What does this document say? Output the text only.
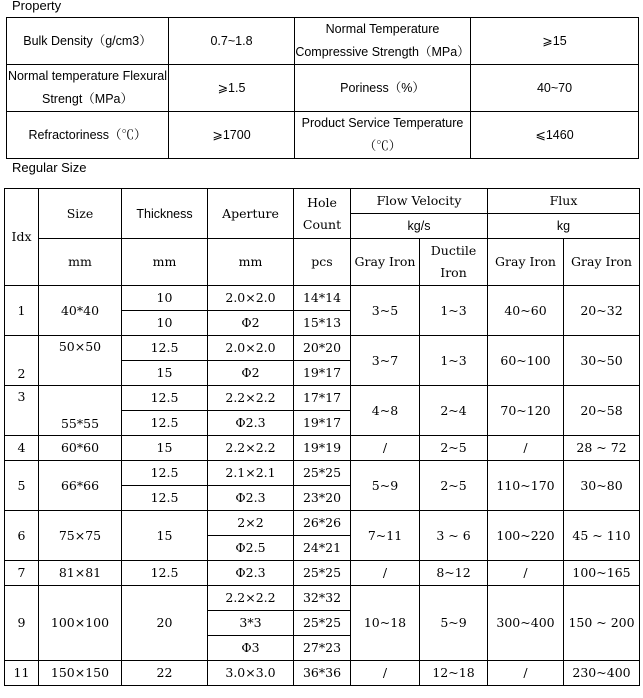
Property
Bulk Density（g/cm3）	0.7~1.8	Normal Temperature Compressive Strength（MPa）	⩾15
Normal temperature Flexural Strengt（MPa）	⩾1.5	Poriness（%）	40~70
Refractoriness（℃）	⩾1700	Product Service Temperature（℃）	⩽1460
Regular Size
Idx	Size	Thickness	Aperture	Hole Count	Flow Velocity		Flux	
					kg/s		kg	
	mm	mm	mm	pcs	Gray Iron	Ductile Iron	Gray Iron	Gray Iron
1	40*40	10	2.0×2.0	14*14	3~5	1~3	40~60	20~32
		10	Φ2	15*13				
2	50×50	12.5	2.0×2.0	20*20	3~7	1~3	60~100	30~50
		15	Φ2	19*17				
3	55*55	12.5	2.2×2.2	17*17	4~8	2~4	70~120	20~58
		12.5	Φ2.3	19*17				
4	60*60	15	2.2×2.2	19*19	/	2~5	/	28 ~ 72
5	66*66	12.5	2.1×2.1	25*25	5~9	2~5	110~170	30~80
		12.5	Φ2.3	23*20				
6	75×75	15	2×2	26*26	7~11	3 ~ 6	100~220	45 ~ 110
			Φ2.5	24*21				
7	81×81	12.5	Φ2.3	25*25	/	8~12	/	100~165
9	100×100	20	2.2×2.2	32*32	10~18	5~9	300~400	150 ~ 200
			3*3	25*25				
			Φ3	27*23				
11	150×150	22	3.0×3.0	36*36	/	12~18	/	230~400
